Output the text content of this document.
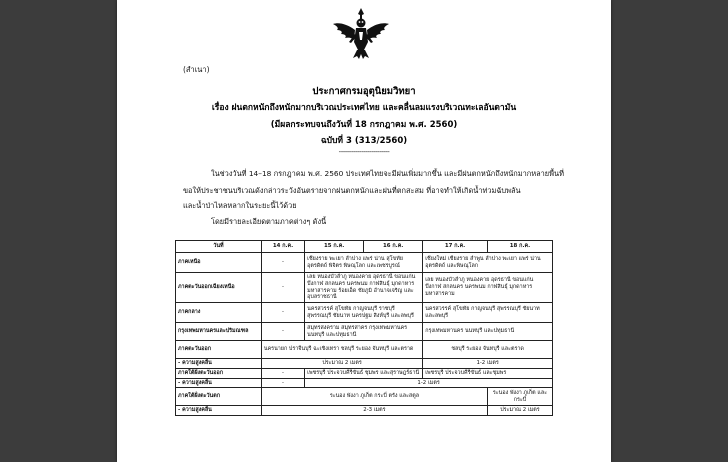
(สำเนา)
ประกาศกรมอุตุนิยมวิทยา
เรื่อง ฝนตกหนักถึงหนักมากบริเวณประเทศไทย และคลื่นลมแรงบริเวณทะเลอันดามัน
(มีผลกระทบจนถึงวันที่ 18 กรกฎาคม พ.ศ. 2560)
ฉบับที่ 3 (313/2560)
-------------------------
ในช่วงวันที่ 14–18 กรกฎาคม พ.ศ. 2560 ประเทศไทยจะมีฝนเพิ่มมากขึ้น และมีฝนตกหนักถึงหนักมากหลายพื้นที่
ขอให้ประชาชนบริเวณดังกล่าวระวังอันตรายจากฝนตกหนักและฝนที่ตกสะสม ที่อาจทำให้เกิดน้ำท่วมฉับพลัน
และน้ำป่าไหลหลากในระยะนี้ไว้ด้วย
โดยมีรายละเอียดตามภาคต่างๆ ดังนี้
วันที่	14 ก.ค.	15 ก.ค.	16 ก.ค.	17 ก.ค.	18 ก.ค.
ภาคเหนือ	-	เชียงราย พะเยา ลำปาง แพร่ น่าน สุโขทัย อุตรดิตถ์ พิจิตร พิษณุโลก และเพชรบูรณ์		เชียงใหม่ เชียงราย ลำพูน ลำปาง พะเยา แพร่ น่าน อุตรดิตถ์ และพิษณุโลก	
ภาคตะวันออกเฉียงเหนือ	-	เลย หนองบัวลำภู หนองคาย อุดรธานี ขอนแก่น บึงกาฬ สกลนคร นครพนม กาฬสินธุ์ มุกดาหาร มหาสารคาม ร้อยเอ็ด ชัยภูมิ อำนาจเจริญ และอุบลราชธานี		เลย หนองบัวลำภู หนองคาย อุดรธานี ขอนแก่น บึงกาฬ สกลนคร นครพนม กาฬสินธุ์ มุกดาหาร มหาสารคาม	
ภาคกลาง	-	นครสวรรค์ สุโขทัย กาญจนบุรี ราชบุรี สุพรรณบุรี ชัยนาท นครปฐม สิงห์บุรี และลพบุรี		นครสวรรค์ สุโขทัย กาญจนบุรี สุพรรณบุรี ชัยนาท และลพบุรี	
กรุงเทพมหานครและปริมณฑล	-	สมุทรสงคราม สมุทรสาคร กรุงเทพมหานคร นนทบุรี และปทุมธานี		กรุงเทพมหานคร นนทบุรี และปทุมธานี	
ภาคตะวันออก	นครนายก ปราจีนบุรี ฉะเชิงเทรา ชลบุรี ระยอง จันทบุรี และตราด			ชลบุรี ระยอง จันทบุรี และตราด	
- ความสูงคลื่น	ประมาณ 2 เมตร			1-2 เมตร	
ภาคใต้ฝั่งตะวันออก	-	เพชรบุรี ประจวบคีรีขันธ์ ชุมพร และสุราษฎร์ธานี		เพชรบุรี ประจวบคีรีขันธ์ และชุมพร	
- ความสูงคลื่น	-	1-2 เมตร			
ภาคใต้ฝั่งตะวันตก	ระนอง พังงา ภูเก็ต กระบี่ ตรัง และสตูล				ระนอง พังงา ภูเก็ต และกระบี่
- ความสูงคลื่น	2-3 เมตร				ประมาณ 2 เมตร
